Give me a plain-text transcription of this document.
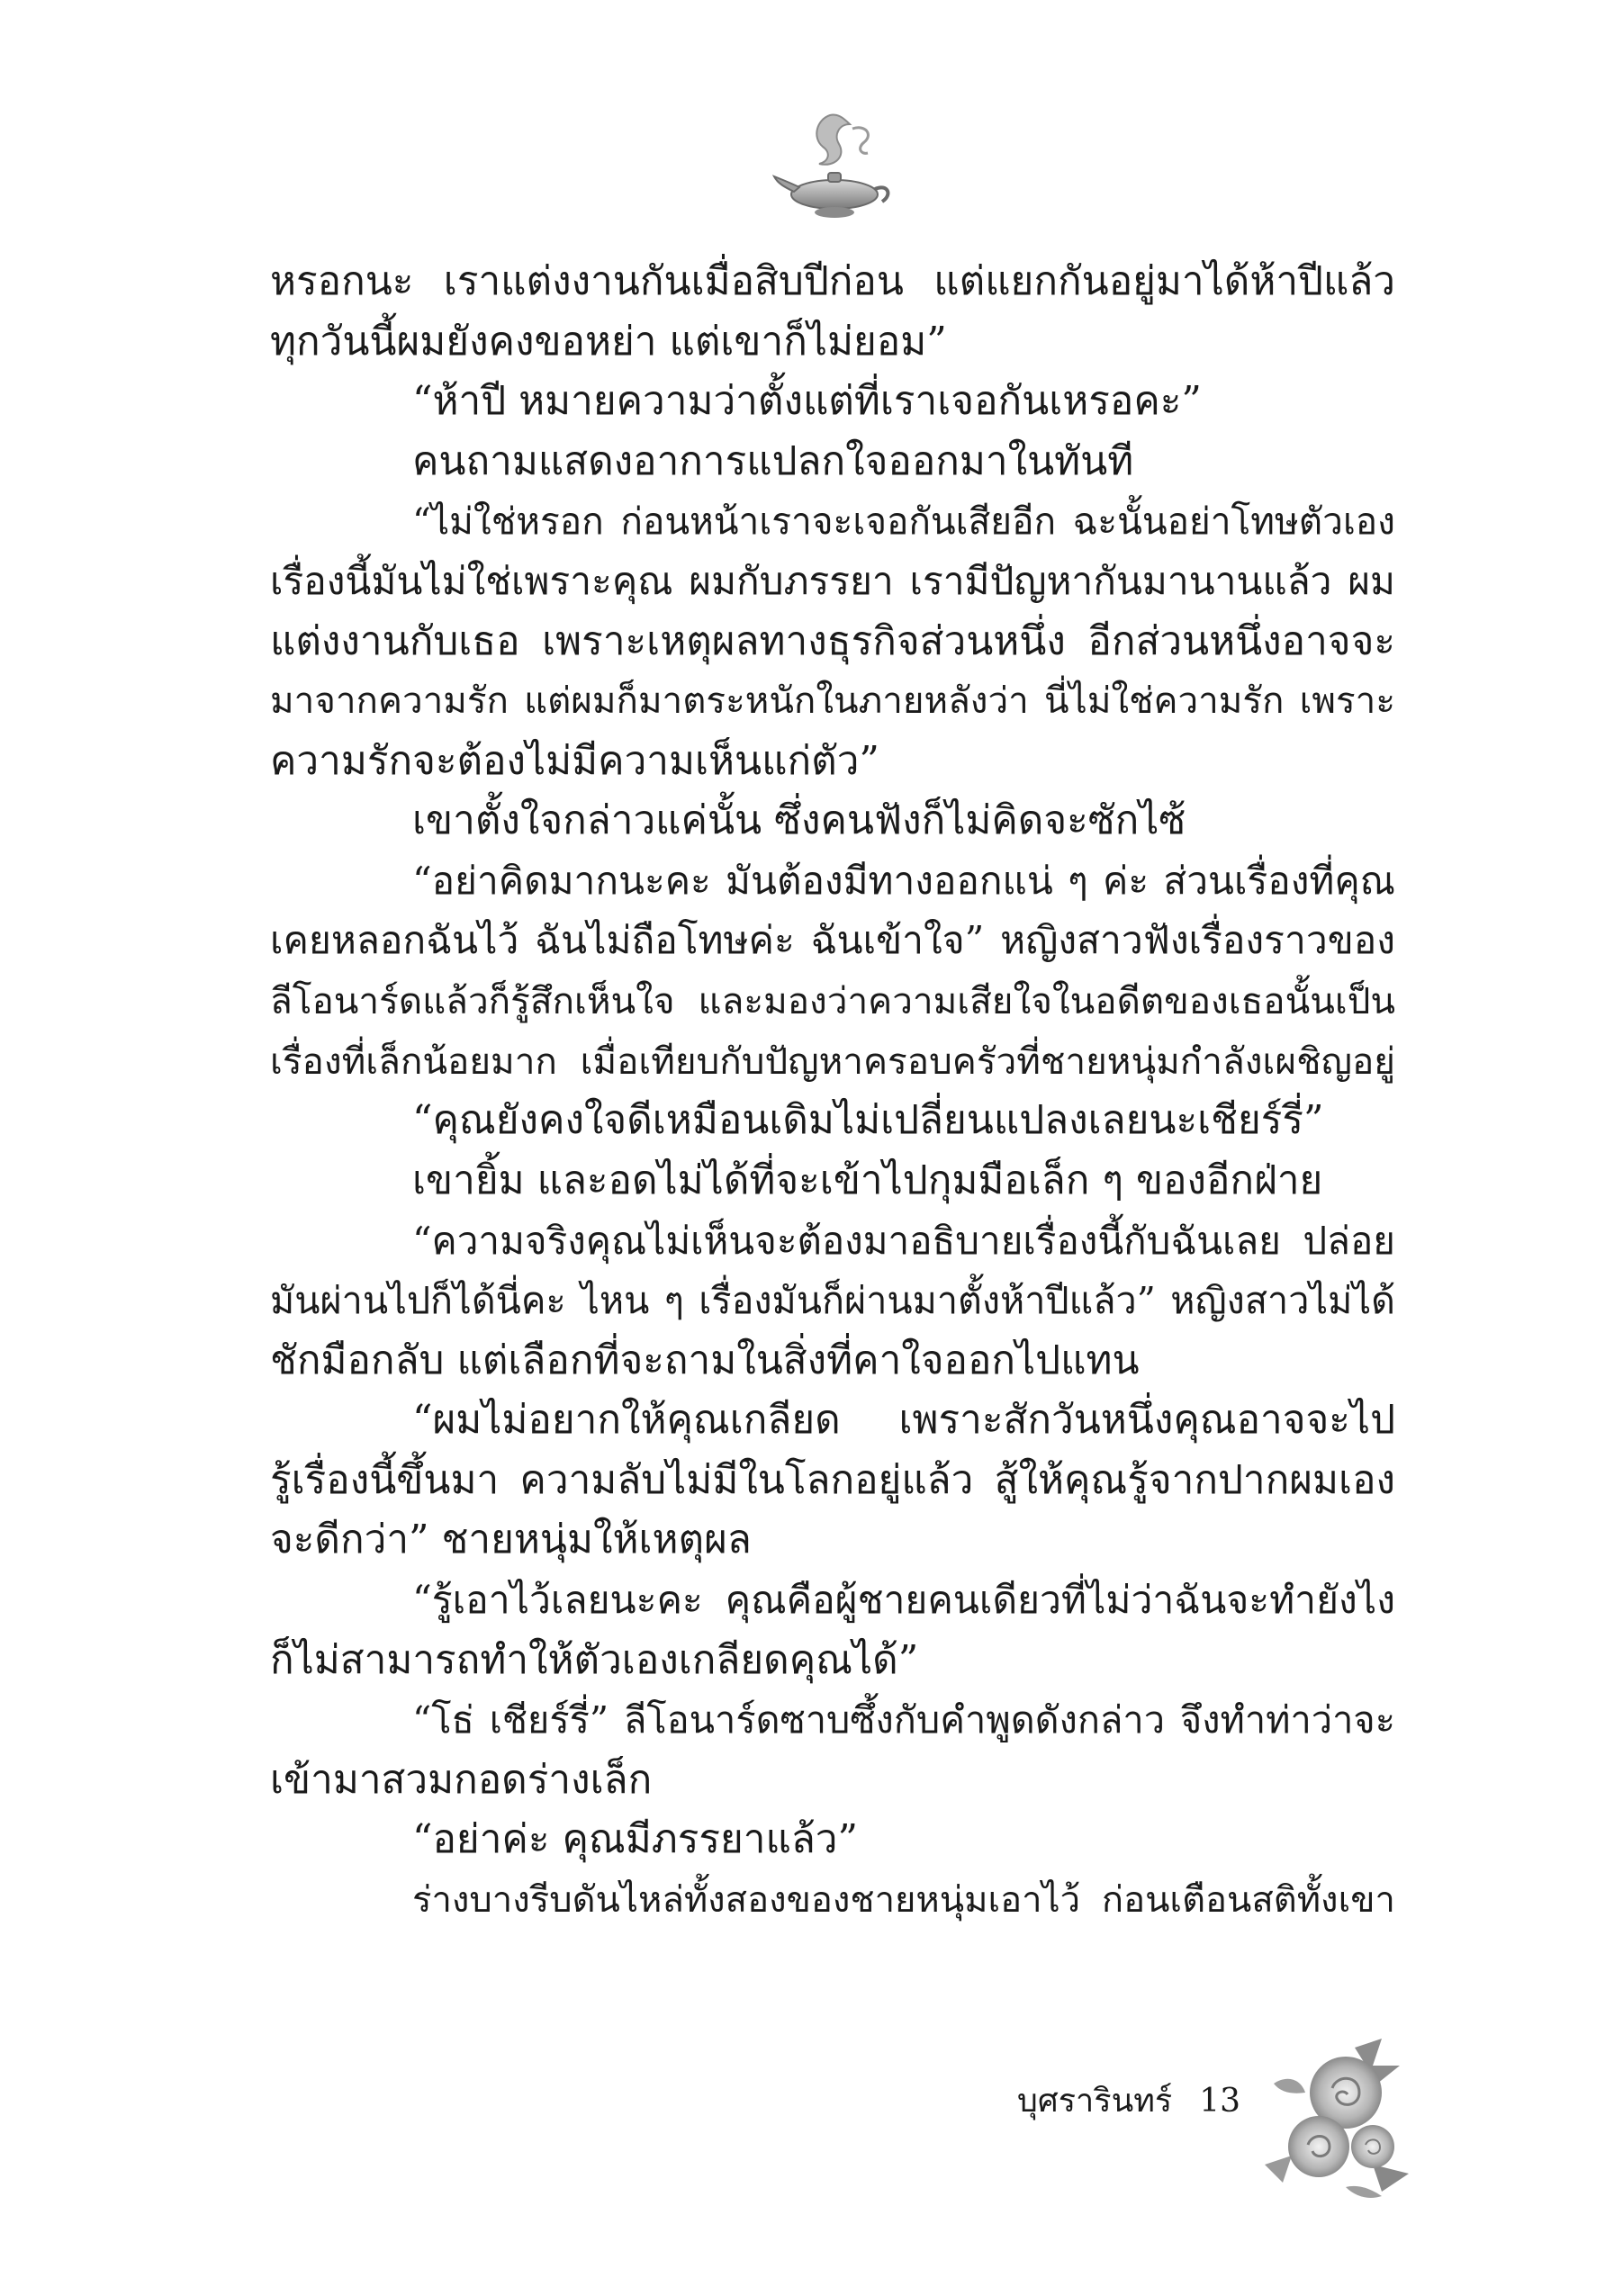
หรอกนะ เราแต่งงานกันเมื่อสิบปีก่อน แต่แยกกันอยู่มาได้ห้าปีแล้ว
ทุกวันนี้ผมยังคงขอหย่า แต่เขาก็ไม่ยอม”
“ห้าปี หมายความว่าตั้งแต่ที่เราเจอกันเหรอคะ”
คนถามแสดงอาการแปลกใจออกมาในทันที
“ไม่ใช่หรอก ก่อนหน้าเราจะเจอกันเสียอีก ฉะนั้นอย่าโทษตัวเอง
เรื่องนี้มันไม่ใช่เพราะคุณ ผมกับภรรยา เรามีปัญหากันมานานแล้ว ผม
แต่งงานกับเธอ เพราะเหตุผลทางธุรกิจส่วนหนึ่ง อีกส่วนหนึ่งอาจจะ
มาจากความรัก แต่ผมก็มาตระหนักในภายหลังว่า นี่ไม่ใช่ความรัก เพราะ
ความรักจะต้องไม่มีความเห็นแก่ตัว”
เขาตั้งใจกล่าวแค่นั้น ซึ่งคนฟังก็ไม่คิดจะซักไซ้
“อย่าคิดมากนะคะ มันต้องมีทางออกแน่ ๆ ค่ะ ส่วนเรื่องที่คุณ
เคยหลอกฉันไว้ ฉันไม่ถือโทษค่ะ ฉันเข้าใจ” หญิงสาวฟังเรื่องราวของ
ลีโอนาร์ดแล้วก็รู้สึกเห็นใจ และมองว่าความเสียใจในอดีตของเธอนั้นเป็น
เรื่องที่เล็กน้อยมาก เมื่อเทียบกับปัญหาครอบครัวที่ชายหนุ่มกำลังเผชิญอยู่
“คุณยังคงใจดีเหมือนเดิมไม่เปลี่ยนแปลงเลยนะเชียร์รี่”
เขายิ้ม และอดไม่ได้ที่จะเข้าไปกุมมือเล็ก ๆ ของอีกฝ่าย
“ความจริงคุณไม่เห็นจะต้องมาอธิบายเรื่องนี้กับฉันเลย ปล่อย
มันผ่านไปก็ได้นี่คะ ไหน ๆ เรื่องมันก็ผ่านมาตั้งห้าปีแล้ว” หญิงสาวไม่ได้
ชักมือกลับ แต่เลือกที่จะถามในสิ่งที่คาใจออกไปแทน
“ผมไม่อยากให้คุณเกลียด เพราะสักวันหนึ่งคุณอาจจะไป
รู้เรื่องนี้ขึ้นมา ความลับไม่มีในโลกอยู่แล้ว สู้ให้คุณรู้จากปากผมเอง
จะดีกว่า” ชายหนุ่มให้เหตุผล
“รู้เอาไว้เลยนะคะ คุณคือผู้ชายคนเดียวที่ไม่ว่าฉันจะทำยังไง
ก็ไม่สามารถทำให้ตัวเองเกลียดคุณได้”
“โธ่ เชียร์รี่” ลีโอนาร์ดซาบซึ้งกับคำพูดดังกล่าว จึงทำท่าว่าจะ
เข้ามาสวมกอดร่างเล็ก
“อย่าค่ะ คุณมีภรรยาแล้ว”
ร่างบางรีบดันไหล่ทั้งสองของชายหนุ่มเอาไว้ ก่อนเตือนสติทั้งเขา
บุศรารินทร์ 13
